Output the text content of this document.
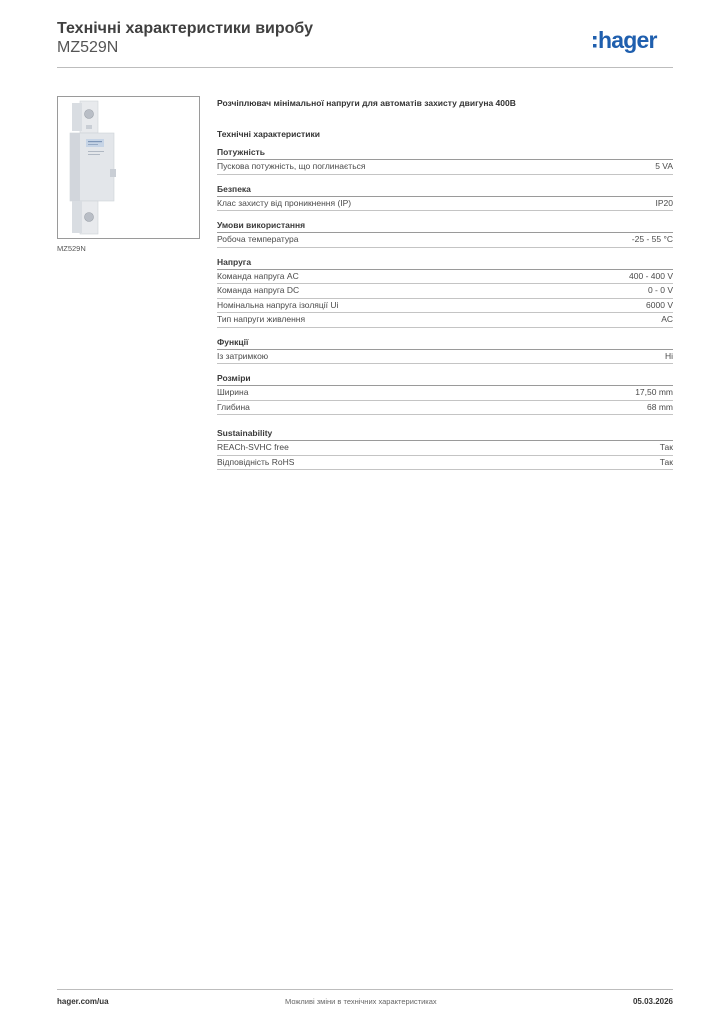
Технічні характеристики виробу
MZ529N	hager
MZ529N
Розчіплювач мінімальної напруги для автоматів захисту двигуна 400В
Технічні характеристики
Потужність
Пускова потужність, що поглинається	5 VA
Безпека
Клас захисту від проникнення (IP)	IP20
Умови використання
Робоча температура	-25 - 55 °C
Напруга
Команда напруга AC	400 - 400 V
Команда напруга DC	0 - 0 V
Номінальна напруга ізоляції Ui	6000 V
Тип напруги живлення	AC
Функції
Із затримкою	Ні
Розміри
Ширина	17,50 mm
Глибина	68 mm
Sustainability
REACh-SVHC free	Так
Відповідність RoHS	Так
hager.com/ua	Можливі зміни в технічних характеристиках	05.03.2026
